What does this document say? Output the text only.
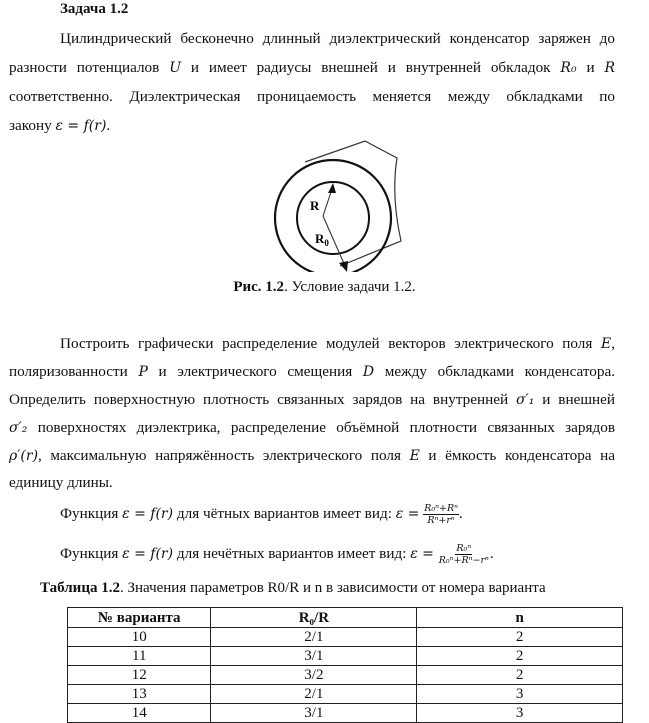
Задача 1.2
Цилиндрический бесконечно длинный диэлектрический конденсатор заряжен до
разности потенциалов U и имеет радиусы внешней и внутренней обкладок R₀ и R
соответственно. Диэлектрическая проницаемость меняется между обкладками по
закону ε = f(r).
R
$R_0$
Рис. 1.2. Условие задачи 1.2.
Построить графически распределение модулей векторов электрического поля E,
поляризованности P и электрического смещения D между обкладками конденсатора.
Определить поверхностную плотность связанных зарядов на внутренней σ′₁ и внешней
σ′₂ поверхностях диэлектрика, распределение объёмной плотности связанных зарядов
ρ′(r), максимальную напряжённость электрического поля E и ёмкость конденсатора на
единицу длины.
Функция ε = f(r) для чётных вариантов имеет вид: $\varepsilon = \frac{\text{R₀ⁿ+Rⁿ}}{\text{Rⁿ+rⁿ}}$ .
Функция ε = f(r) для нечётных вариантов имеет вид: $\varepsilon = \frac{\text{R₀ⁿ}}{\text{R₀ⁿ+Rⁿ−rⁿ}}$ .
Таблица 1.2. Значения параметров R0/R и n в зависимости от номера варианта
№ варианта	R₀/R	n
10	2/1	2
11	3/1	2
12	3/2	2
13	2/1	3
14	3/1	3
